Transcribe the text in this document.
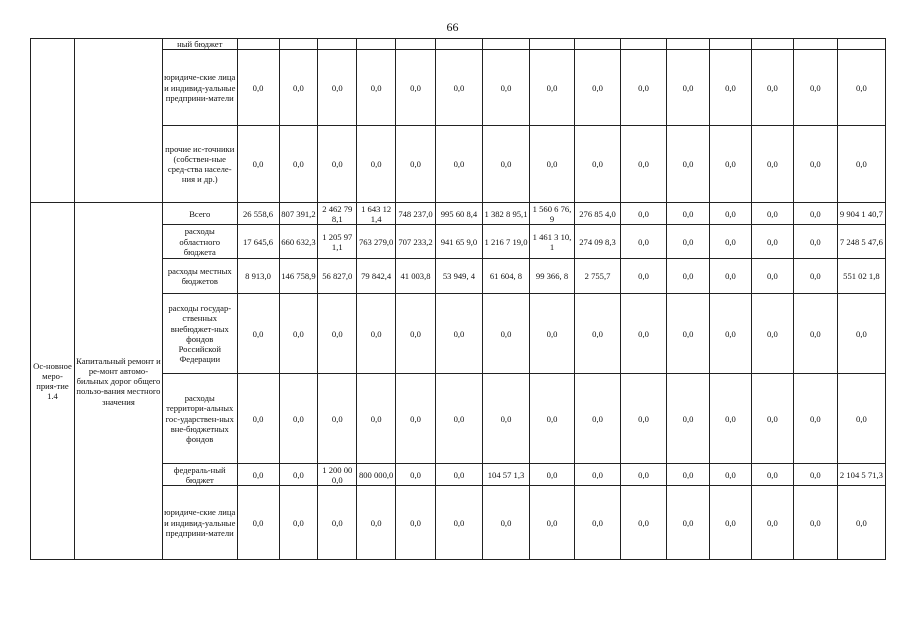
66
		ный бюджет															
		юридиче-ские лица и индивид-уальные предприни-матели	0,0	0,0	0,0	0,0	0,0	0,0	0,0	0,0	0,0	0,0	0,0	0,0	0,0	0,0	0,0
		прочие ис-точники (собствен-ные сред-ства населе-ния и др.)	0,0	0,0	0,0	0,0	0,0	0,0	0,0	0,0	0,0	0,0	0,0	0,0	0,0	0,0	0,0
Ос-новное меро-прия-тие 1.4	Капитальный ремонт и ре-монт автомо-бильных дорог общего пользо-вания местного значения	Всего	26 558,6	807 391,2	2 462 798,1	1 643 121,4	748 237,0	995 60 8,4	1 382 8 95,1	1 560 6 76,9	276 85 4,0	0,0	0,0	0,0	0,0	0,0	9 904 1 40,7
		расходы областного бюджета	17 645,6	660 632,3	1 205 971,1	763 279,0	707 233,2	941 65 9,0	1 216 7 19,0	1 461 3 10,1	274 09 8,3	0,0	0,0	0,0	0,0	0,0	7 248 5 47,6
		расходы местных бюджетов	8 913,0	146 758,9	56 827,0	79 842,4	41 003,8	53 949, 4	61 604, 8	99 366, 8	2 755,7	0,0	0,0	0,0	0,0	0,0	551 02 1,8
		расходы государ-ственных внебюджет-ных фондов Российской Федерации	0,0	0,0	0,0	0,0	0,0	0,0	0,0	0,0	0,0	0,0	0,0	0,0	0,0	0,0	0,0
		расходы территори-альных гос-ударствен-ных вне-бюджетных фондов	0,0	0,0	0,0	0,0	0,0	0,0	0,0	0,0	0,0	0,0	0,0	0,0	0,0	0,0	0,0
		федераль-ный бюджет	0,0	0,0	1 200 000,0	800 000,0	0,0	0,0	104 57 1,3	0,0	0,0	0,0	0,0	0,0	0,0	0,0	2 104 5 71,3
		юридиче-ские лица и индивид-уальные предприни-матели	0,0	0,0	0,0	0,0	0,0	0,0	0,0	0,0	0,0	0,0	0,0	0,0	0,0	0,0	0,0
